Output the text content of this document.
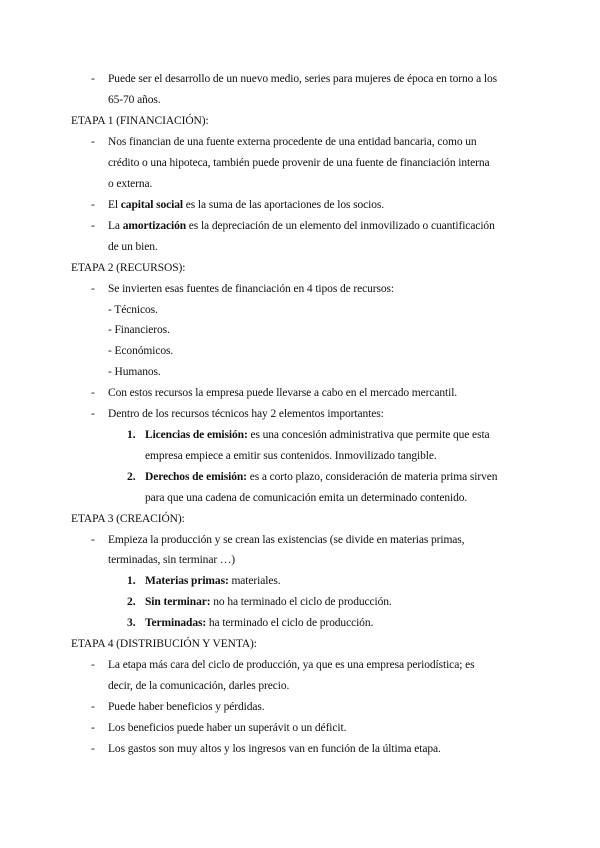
- Puede ser el desarrollo de un nuevo medio, series para mujeres de época en torno a los
65-70 años.
ETAPA 1 (FINANCIACIÓN):
- Nos financian de una fuente externa procedente de una entidad bancaria, como un
crédito o una hipoteca, también puede provenir de una fuente de financiación interna
o externa.
- El capital social es la suma de las aportaciones de los socios.
- La amortización es la depreciación de un elemento del inmovilizado o cuantificación
de un bien.
ETAPA 2 (RECURSOS):
- Se invierten esas fuentes de financiación en 4 tipos de recursos:
- Técnicos.
- Financieros.
- Económicos.
- Humanos.
- Con estos recursos la empresa puede llevarse a cabo en el mercado mercantil.
- Dentro de los recursos técnicos hay 2 elementos importantes:
1. Licencias de emisión: es una concesión administrativa que permite que esta
empresa empiece a emitir sus contenidos. Inmovilizado tangible.
2. Derechos de emisión: es a corto plazo, consideración de materia prima sirven
para que una cadena de comunicación emita un determinado contenido.
ETAPA 3 (CREACIÓN):
- Empieza la producción y se crean las existencias (se divide en materias primas,
terminadas, sin terminar …)
1. Materias primas: materiales.
2. Sin terminar: no ha terminado el ciclo de producción.
3. Terminadas: ha terminado el ciclo de producción.
ETAPA 4 (DISTRIBUCIÓN Y VENTA):
- La etapa más cara del ciclo de producción, ya que es una empresa periodística; es
decir, de la comunicación, darles precio.
- Puede haber beneficios y pérdidas.
- Los beneficios puede haber un superávit o un déficit.
- Los gastos son muy altos y los ingresos van en función de la última etapa.
